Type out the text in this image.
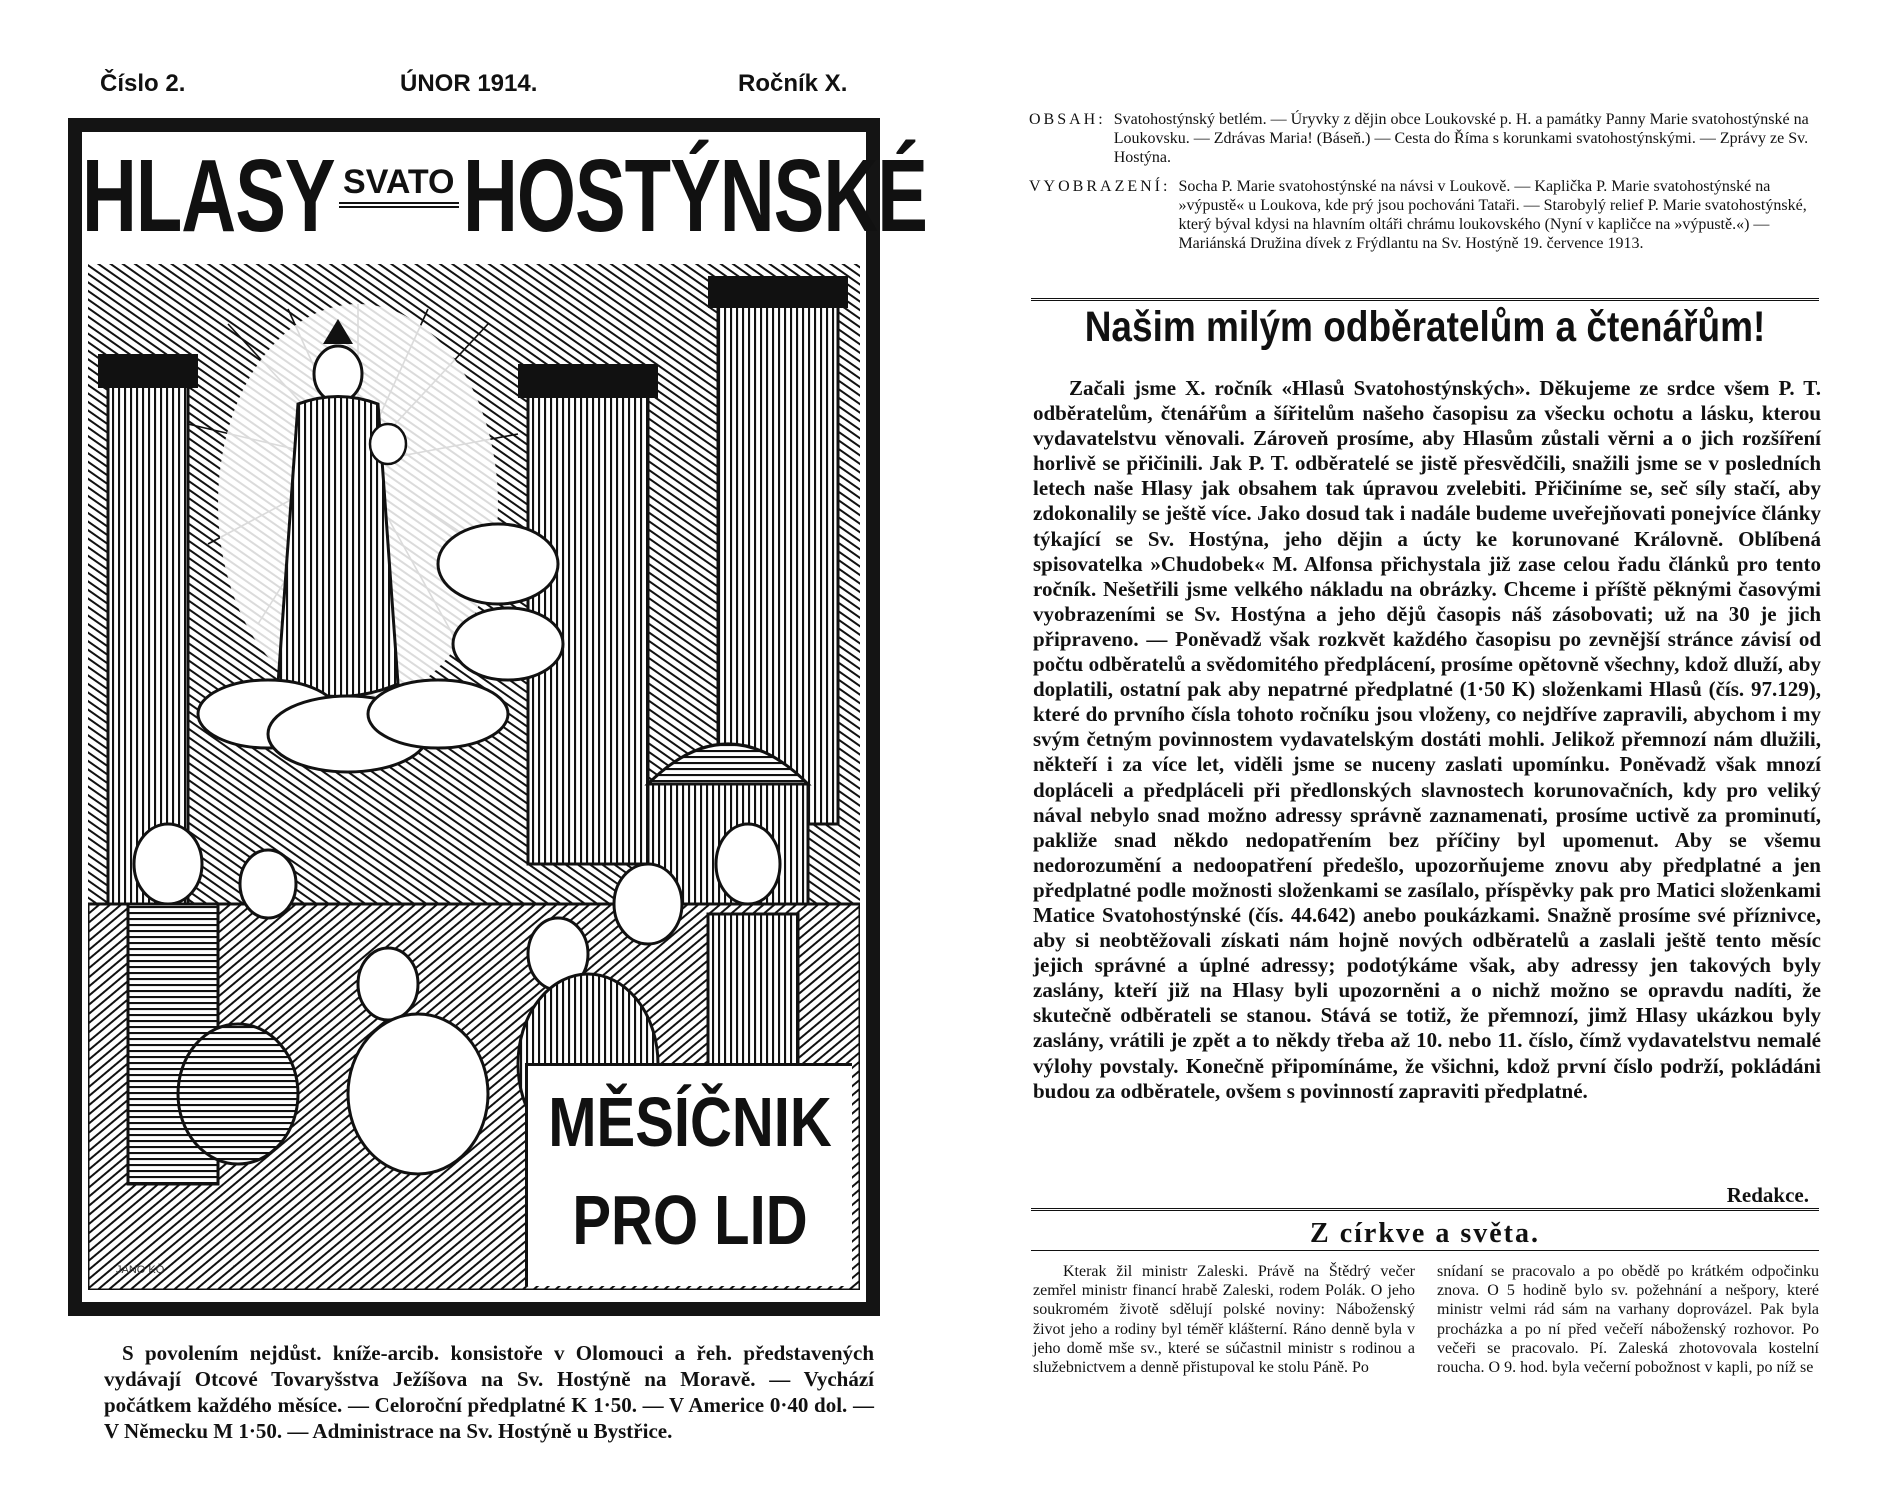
Číslo 2.	ÚNOR 1914.	Ročník X.
HLASY SVATO HOSTÝNSKÉ
JANO KÖ
MĚSÍČNIK
PRO LID
S povolením nejdůst. kníže-arcib. konsistoře v Olomouci a řeh. představených vydávají Otcové Tovaryšstva Ježíšova na Sv. Hostýně na Moravě. — Vychází počátkem každého měsíce. — Celoroční předplatné K 1·50. — V Americe 0·40 dol. — V Německu M 1·50. — Administrace na Sv. Hostýně u Bystřice.
OBSAH: Svatohostýnský betlém. — Úryvky z dějin obce Loukovské p. H. a památky Panny Marie svatohostýnské na Loukovsku. — Zdrávas Maria! (Báseň.) — Cesta do Říma s korunkami svatohostýnskými. — Zprávy ze Sv. Hostýna.
VYOBRAZENÍ: Socha P. Marie svatohostýnské na návsi v Loukově. — Kaplička P. Marie svatohostýnské na »výpustě« u Loukova, kde prý jsou pochováni Tataři. — Starobylý relief P. Marie svatohostýnské, který býval kdysi na hlavním oltáři chrámu loukovského (Nyní v kapličce na »výpustě.«) — Mariánská Družina dívek z Frýdlantu na Sv. Hostýně 19. července 1913.
Našim milým odběratelům a čtenářům!
Začali jsme X. ročník «Hlasů Svatohostýnských». Děkujeme ze srdce všem P. T. odběratelům, čtenářům a šířitelům našeho časopisu za všecku ochotu a lásku, kterou vydavatelstvu věnovali. Zároveň prosíme, aby Hlasům zůstali věrni a o jich rozšíření horlivě se přičinili. Jak P. T. odběratelé se jistě přesvědčili, snažili jsme se v posledních letech naše Hlasy jak obsahem tak úpravou zvelebiti. Přičiníme se, seč síly stačí, aby zdokonalily se ještě více. Jako dosud tak i nadále budeme uveřejňovati ponejvíce články týkající se Sv. Hostýna, jeho dějin a úcty ke korunované Královně. Oblíbená spisovatelka »Chudobek« M. Alfonsa přichystala již zase celou řadu článků pro tento ročník. Nešetřili jsme velkého nákladu na obrázky. Chceme i příště pěknými časovými vyobrazeními se Sv. Hostýna a jeho dějů časopis náš zásobovati; už na 30 je jich připraveno. — Poněvadž však rozkvět každého časopisu po zevnější stránce závisí od počtu odběratelů a svědomitého předplácení, prosíme opětovně všechny, kdož dluží, aby doplatili, ostatní pak aby nepatrné předplatné (1·50 K) složenkami Hlasů (čís. 97.129), které do prvního čísla tohoto ročníku jsou vloženy, co nejdříve zapravili, abychom i my svým četným povinnostem vydavatelským dostáti mohli. Jelikož přemnozí nám dlužili, někteří i za více let, viděli jsme se nuceny zaslati upomínku. Poněvadž však mnozí dopláceli a předpláceli při předlonských slavnostech korunovačních, kdy pro veliký nával nebylo snad možno adressy správně zaznamenati, prosíme uctivě za prominutí, pakliže snad někdo nedopatřením bez příčiny byl upomenut. Aby se všemu nedorozumění a nedoopatření předešlo, upozorňujeme znovu aby předplatné a jen předplatné podle možnosti složenkami se zasílalo, příspěvky pak pro Matici složenkami Matice Svatohostýnské (čís. 44.642) anebo poukázkami. Snažně prosíme své příznivce, aby si neobtěžovali získati nám hojně nových odběratelů a zaslali ještě tento měsíc jejich správné a úplné adressy; podotýkáme však, aby adressy jen takových byly zaslány, kteří již na Hlasy byli upozorněni a o nichž možno se opravdu nadíti, že skutečně odběrateli se stanou. Stává se totiž, že přemnozí, jimž Hlasy ukázkou byly zaslány, vrátili je zpět a to někdy třeba až 10. nebo 11. číslo, čímž vydavatelstvu nemalé výlohy povstaly. Konečně připomínáme, že všichni, kdož první číslo podrží, pokládáni budou za odběratele, ovšem s povinností zapraviti předplatné.
Redakce.
Z církve a světa.
Kterak žil ministr Zaleski. Právě na Štědrý večer zemřel ministr financí hrabě Zaleski, rodem Polák. O jeho soukromém životě sdělují polské noviny: Náboženský život jeho a rodiny byl téměř klášterní. Ráno denně byla v jeho domě mše sv., které se súčastnil ministr s rodinou a služebnictvem a denně přistupoval ke stolu Páně. Po
snídaní se pracovalo a po obědě po krátkém odpočinku znova. O 5 hodině bylo sv. požehnání a nešpory, které ministr velmi rád sám na varhany doprovázel. Pak byla procházka a po ní před večeří náboženský rozhovor. Po večeři se pracovalo. Pí. Zaleská zhotovovala kostelní roucha. O 9. hod. byla večerní pobožnost v kapli, po níž se
